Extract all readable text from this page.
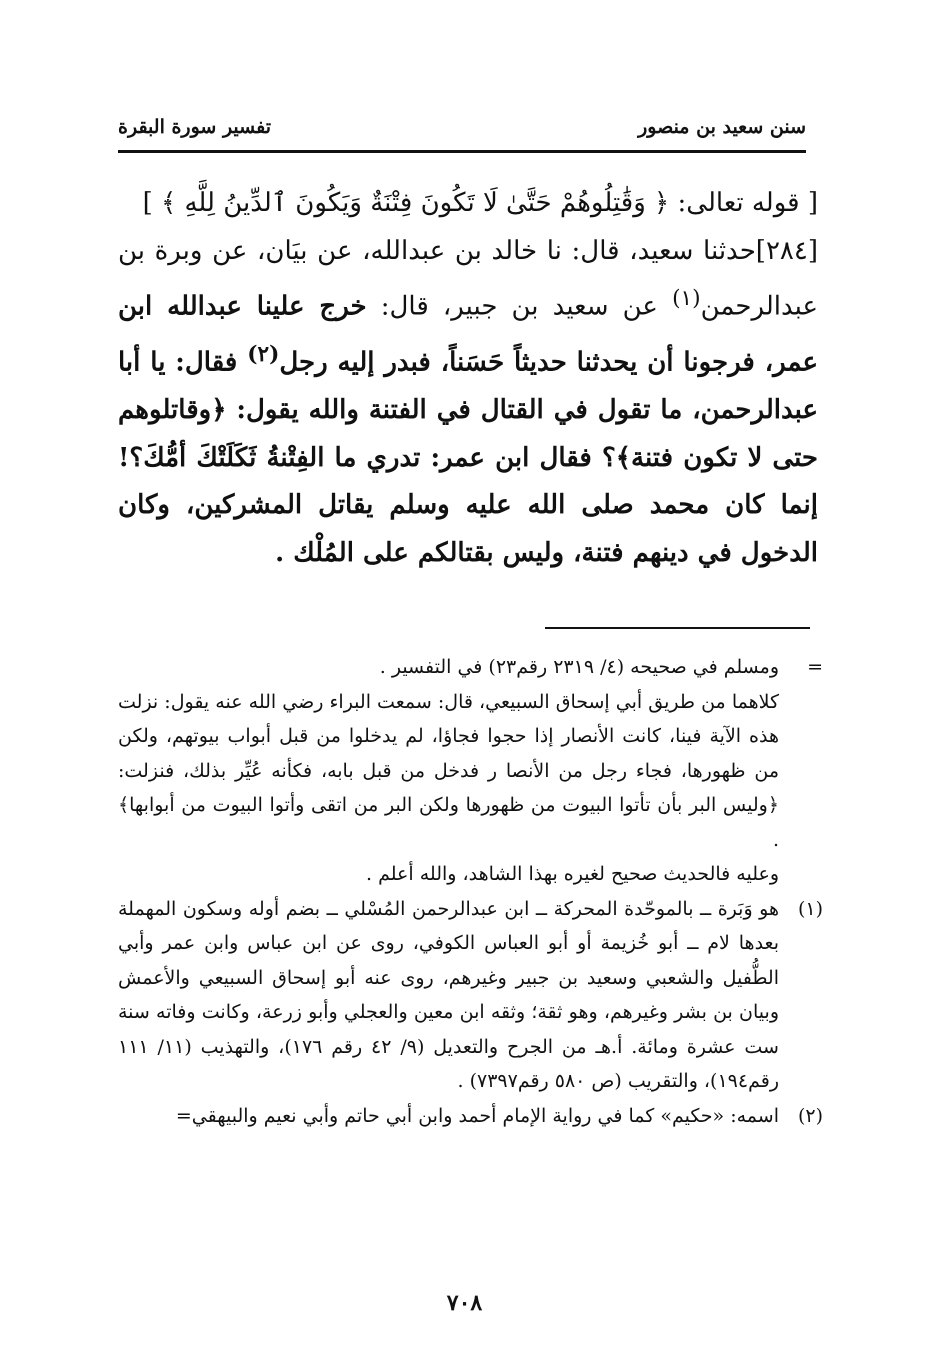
سنن سعيد بن منصور
تفسير سورة البقرة

[ قوله تعالى: ﴿ وَقَٰتِلُوهُمْ حَتَّىٰ لَا تَكُونَ فِتْنَةٌ وَيَكُونَ ٱلدِّينُ لِلَّهِ ﴾ ]

[٢٨٤]حدثنا سعيد، قال: نا خالد بن عبدالله، عن بيَان، عن وبرة بن عبدالرحمن$^{(١)}$ عن سعيد بن جبير، قال: خرج علينا عبدالله ابن عمر، فرجونا أن يحدثنا حديثاً حَسَناً، فبدر إليه رجل$^{(٢)}$ فقال: يا أبا عبدالرحمن، ما تقول في القتال في الفتنة والله يقول: ﴿وقاتلوهم حتى لا تكون فتنة﴾؟ فقال ابن عمر: تدري ما الفِتْنةُ ثَكَلَتْكَ أمُّكَ؟! إنما كان محمد صلى الله عليه وسلم يقاتل المشركين، وكان الدخول في دينهم فتنة، وليس بقتالكم على المُلْك .

=
ومسلم في صحيحه (٤/ ٢٣١٩ رقم٢٣) في التفسير .

كلاهما من طريق أبي إسحاق السبيعي، قال: سمعت البراء رضي الله عنه يقول: نزلت هذه الآية فينا، كانت الأنصار إذا حجوا فجاؤا، لم يدخلوا من قبل أبواب بيوتهم، ولكن من ظهورها، فجاء رجل من الأنصا ر فدخل من قبل بابه، فكأنه عُيِّر بذلك، فنزلت: ﴿وليس البر بأن تأتوا البيوت من ظهورها ولكن البر من اتقى وأتوا البيوت من أبوابها﴾ .

وعليه فالحديث صحيح لغيره بهذا الشاهد، والله أعلم .

(١)
هو وَبَرة ــ بالموحّدة المحركة ــ ابن عبدالرحمن المُسْلي ــ بضم أوله وسكون المهملة بعدها لام ــ أبو خُزيمة أو أبو العباس الكوفي، روى عن ابن عباس وابن عمر وأبي الطُّفيل والشعبي وسعيد بن جبير وغيرهم، روى عنه أبو إسحاق السبيعي والأعمش وبيان بن بشر وغيرهم، وهو ثقة؛ وثقه ابن معين والعجلي وأبو زرعة، وكانت وفاته سنة ست عشرة ومائة. أ.هـ من الجرح والتعديل (٩/ ٤٢ رقم ١٧٦)، والتهذيب (١١/ ١١١ رقم١٩٤)، والتقريب (ص ٥٨٠ رقم٧٣٩٧) .

(٢)
اسمه: «حكيم» كما في رواية الإمام أحمد وابن أبي حاتم وأبي نعيم والبيهقي=

٧٠٨
